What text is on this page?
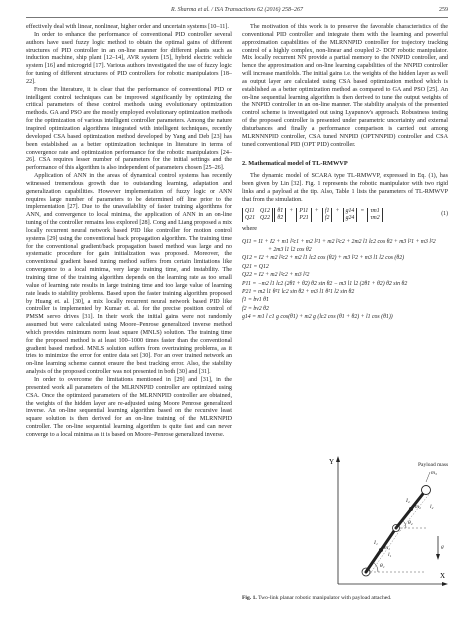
R. Sharma et al. / ISA Transactions 62 (2016) 258–267	259

effectively deal with linear, nonlinear, higher order and uncertain systems [10–11].

In order to enhance the performance of conventional PID controller several authors have used fuzzy logic method to obtain the optimal gains of different structures of PID controller in an on-line manner for different plants such as induction machine, ship plant [12–14], AVR system [15], hybrid electric vehicle system [16] and microgrid [17]. Various authors investigated the use of fuzzy logic for tuning of different structures of PID controllers for robotic manipulators [18–22].

From the literature, it is clear that the performance of conventional PID or intelligent control techniques can be improved significantly by optimizing the critical parameters of these control methods using evolutionary optimization methods. GA and PSO are the mostly employed evolutionary optimization methods for the optimization of various intelligent controller parameters. Among the nature inspired optimization algorithms integrated with intelligent techniques, recently developed CSA based optimization method developed by Yang and Deb [23] has been established as a better optimization technique in literature in terms of convergence rate and optimization performance for the robotic manipulators [24–26]. CSA requires lesser number of parameters for the initial settings and the performance of this algorithm is also independent of parameters chosen [25–26].

Application of ANN in the areas of dynamical control systems has recently witnessed tremendous growth due to outstanding learning, adaptation and generalization capabilities. However implementation of fuzzy logic or ANN requires large number of parameters to be determined off line prior to the implementation [27]. Due to the unavailability of faster training algorithms for ANN, and convergence to local minima, the application of ANN in an on-line tuning of the controller remains less explored [28]. Cong and Liang proposed a mix locally recurrent neural network based PID like controller for motion control systems [29] using the conventional back propagation algorithm. The training time for the conventional gradient/back propagation based method was large and no systematic procedure for gain initialization was proposed. Moreover, the conventional gradient based tuning method suffers from certain limitations like convergence to a local minima, very large training time, and instability. The training time of the training algorithm depends on the learning rate as too small value of learning rate results in large training time and too large value of learning rate leads to stability problems. Based upon the faster training algorithm proposed by Huang et. al. [30], a mix locally recurrent neural network based PID like controller is implemented by Kumar et. al. for the precise position control of PMSM servo drives [31]. In their work the initial gains were not randomly assumed but were calculated using Moore–Penrose generalized inverse method which provides minimum norm least square (MNLS) solution. The training time for the proposed method is at least 100–1000 times faster than the conventional gradient based method. MNLS solution suffers from overtraining problems, as it tries to minimize the error for entire data set [30]. For an over trained network an on-line learning scheme cannot ensure the best tracking error. Also, the stability analysis of the proposed controller was not presented in both [30] and [31].

In order to overcome the limitations mentioned in [29] and [31], in the presented work all parameters of the MLRNNPID controller are optimized using CSA. Once the optimized parameters of the MLRNNPID controller are obtained, the weights of the hidden layer are re-adjusted using Moore Penrose generalized inverse. An on-line sequential learning algorithm based on the recursive least square solution is then derived for an on-line training of the MLRNNPID controller. The on-line sequential learning algorithm is quite fast and can never converge to a local minima as it is based on Moore–Penrose generalized inverse.

The motivation of this work is to preserve the favorable characteristics of the conventional PID controller and integrate them with the learning and powerful approximation capabilities of the MLRNNPID controller for trajectory tracking control of a highly complex, non-linear and coupled 2- DOF robotic manipulator. Mix locally recurrent NN provide a partial memory to the NNPID controller, and hence the approximation and on-line learning capabilities of the NNPID controller will increase manifolds. The initial gains i.e. the weights of the hidden layer as well as output layer are calculated using CSA based optimization method which is established as a better optimization method as compared to GA and PSO [25]. An on-line sequential learning algorithm is then derived to tune the output weights of the NNPID controller in an on-line manner. The stability analysis of the presented control scheme is investigated out using Lyapunov's approach. Robustness testing of the proposed controller is presented under parametric uncertainty and external disturbances and finally a performance comparison is carried out among MLRNNNPID controller, CSA tuned NNPID (OPTNNPID) controller and CSA tuned conventional PID (OPT PID) controller.

2. Mathematical model of TL-RMWVP

The dynamic model of SCARA type TL-RMWVP, expressed in Eq. (1), has been given by Lin [32]. Fig. 1 represents the robotic manipulator with two rigid links and a payload at the tip. Also, Table 1 lists the parameters of TL-RMWVP that from the simulation.

Q11 Q12
Q21 Q22

θ̈1
θ̈2
+ P11
P21
+ f1
f2
+ g14
g24
= τm1
τm2
(1)

where

Q11 = I1 + I2 + m1 l²c1 + m2 l²1 + m2 l²c2 + 2m2 l1 lc2 cos θ2 + m3 l²1 + m3 l²2

+ 2m3 l1 l2 cos θ2

Q12 = I2 + m2 l²c2 + m2 l1 lc2 cos (θ2) + m3 l²2 + m3 l1 l2 cos (θ2)

Q21 = Q12

Q22 = I2 + m2 l²c2 + m3 l²2

P11 = −m2 l1 lc2 (2θ̇1 + θ̇2) θ̇2 sin θ2 − m3 l1 l2 (2θ̇1 + θ̇2) θ̇2 sin θ2

P21 = m2 l1 θ̇²1 lc2 sin θ2 + m3 l1 θ̇²1 l2 sin θ2

f1 = bv1 θ̇1

f2 = bv2 θ̇2

g14 = m1 l c1 g cos(θ1) + m2 g (lc2 cos (θ1 + θ2) + l1 cos (θ1))

Y
X
Payload mass
m₃
m₂
I₂
l₂
m₁
I₁
l₁
θ₂
θ₁
g
Fig. 1. Two-link planar robotic manipulator with payload attached.
